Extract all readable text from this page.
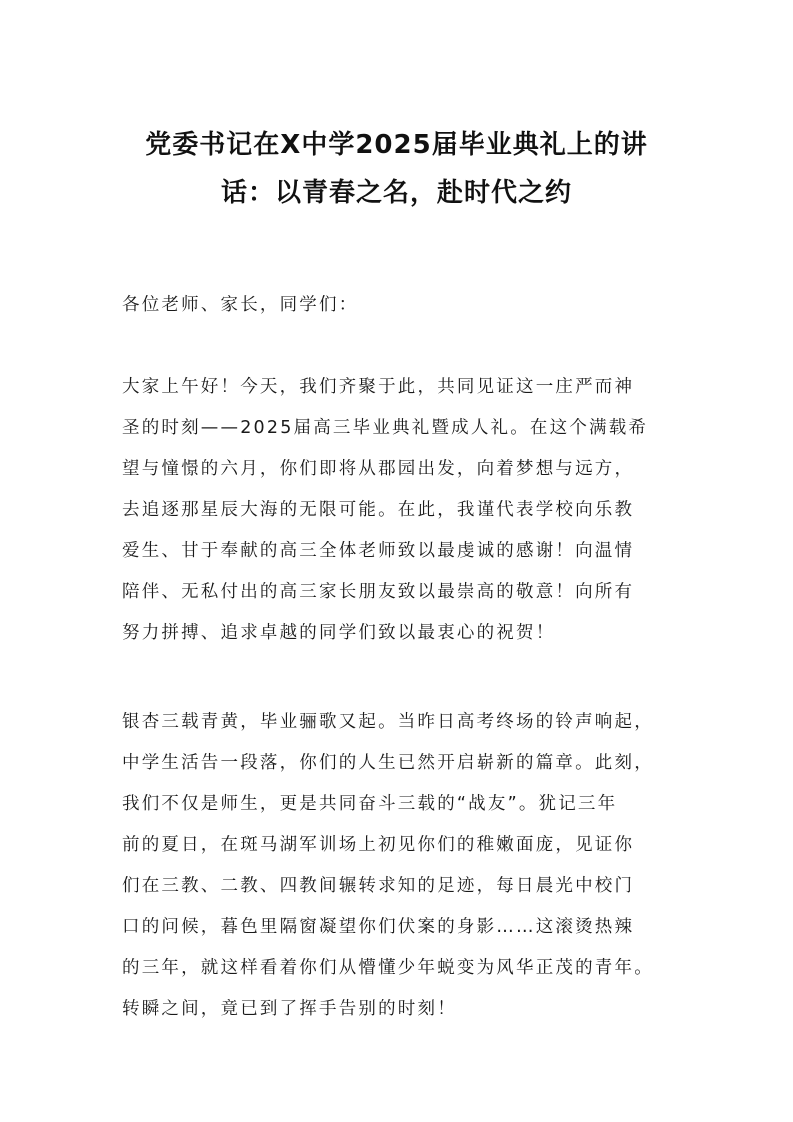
党委书记在X中学2025届毕业典礼上的讲
话：以青春之名，赴时代之约

各位老师、家长，同学们：

大家上午好！今天，我们齐聚于此，共同见证这一庄严而神
圣的时刻——2025届高三毕业典礼暨成人礼。在这个满载希
望与憧憬的六月，你们即将从郡园出发，向着梦想与远方，
去追逐那星辰大海的无限可能。在此，我谨代表学校向乐教
爱生、甘于奉献的高三全体老师致以最虔诚的感谢！向温情
陪伴、无私付出的高三家长朋友致以最崇高的敬意！向所有
努力拼搏、追求卓越的同学们致以最衷心的祝贺！

银杏三载青黄，毕业骊歌又起。当昨日高考终场的铃声响起，
中学生活告一段落，你们的人生已然开启崭新的篇章。此刻，
我们不仅是师生，更是共同奋斗三载的“战友”。犹记三年
前的夏日，在斑马湖军训场上初见你们的稚嫩面庞，见证你
们在三教、二教、四教间辗转求知的足迹，每日晨光中校门
口的问候，暮色里隔窗凝望你们伏案的身影……这滚烫热辣
的三年，就这样看着你们从懵懂少年蜕变为风华正茂的青年。
转瞬之间，竟已到了挥手告别的时刻！
